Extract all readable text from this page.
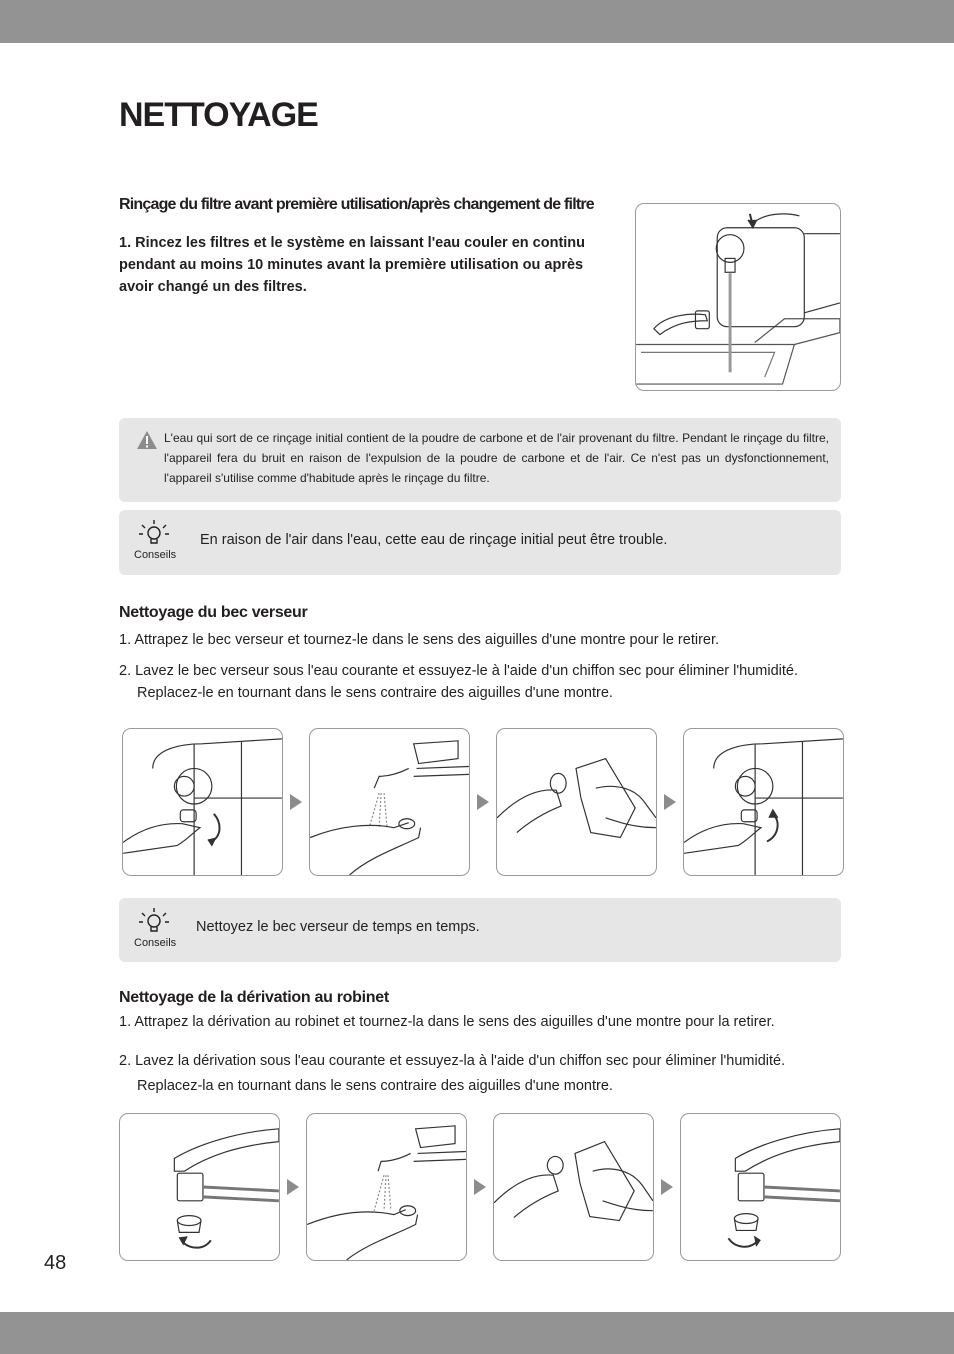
NETTOYAGE
Rinçage du filtre avant première utilisation/après changement de filtre
1. Rincez les filtres et le système en laissant l'eau couler en continu
pendant au moins 10 minutes avant la première utilisation ou après
avoir changé un des filtres.

L'eau qui sort de ce rinçage initial contient de la poudre de carbone et de l'air provenant du filtre. Pendant le rinçage du filtre, l'appareil fera du bruit en raison de l'expulsion de la poudre de carbone et de l'air. Ce n'est pas un dysfonctionnement, l'appareil s'utilise comme d'habitude après le rinçage du filtre.

Conseils

En raison de l'air dans l'eau, cette eau de rinçage initial peut être trouble.

Nettoyage du bec verseur

1. Attrapez le bec verseur et tournez-le dans le sens des aiguilles d'une montre pour le retirer.

2. Lavez le bec verseur sous l'eau courante et essuyez-le à l'aide d'un chiffon sec pour éliminer l'humidité.
Replacez-le en tournant dans le sens contraire des aiguilles d'une montre.
Conseils

Nettoyez le bec verseur de temps en temps.

Nettoyage de la dérivation au robinet

1. Attrapez la dérivation au robinet et tournez-la dans le sens des aiguilles d'une montre pour la retirer.

2. Lavez la dérivation sous l'eau courante et essuyez-la à l'aide d'un chiffon sec pour éliminer l'humidité.
Replacez-la en tournant dans le sens contraire des aiguilles d'une montre.
48
